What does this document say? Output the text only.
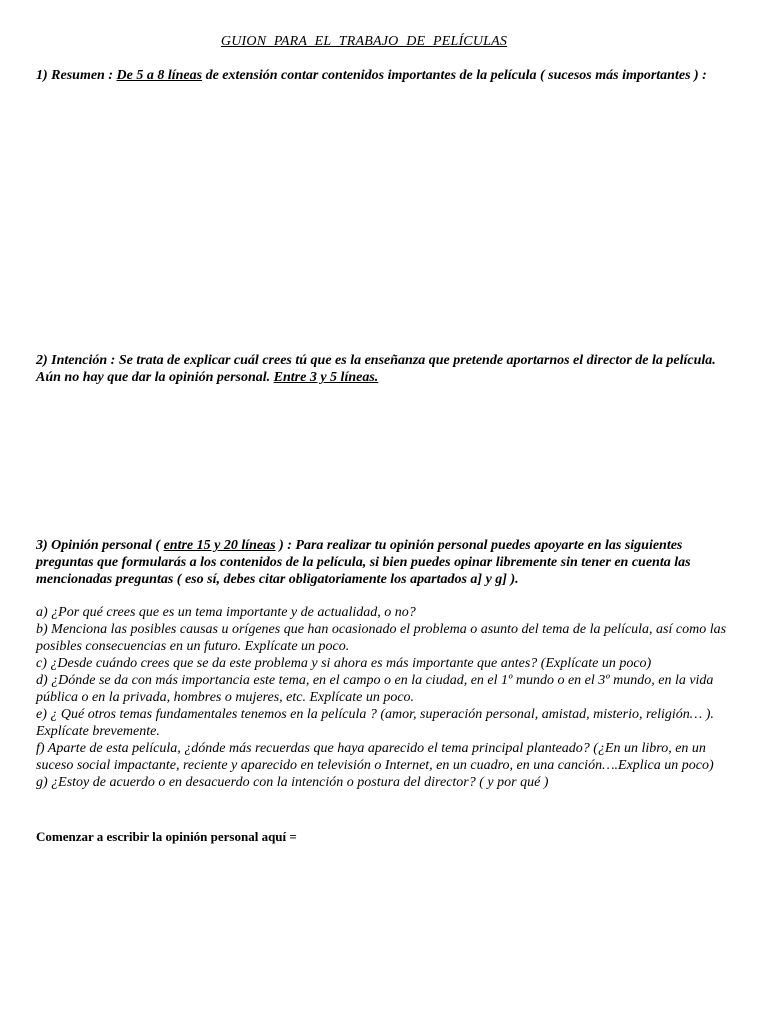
GUION PARA EL TRABAJO DE PELÍCULAS
1) Resumen : De 5 a 8 líneas de extensión contar contenidos importantes de la película ( sucesos más importantes ) :
2) Intención : Se trata de explicar cuál crees tú que es la enseñanza que pretende aportarnos el director de la película. Aún no hay que dar la opinión personal. Entre 3 y 5 líneas.
3) Opinión personal ( entre 15 y 20 líneas ) : Para realizar tu opinión personal puedes apoyarte en las siguientes preguntas que formularás a los contenidos de la película, si bien puedes opinar libremente sin tener en cuenta las mencionadas preguntas ( eso sí, debes citar obligatoriamente los apartados a] y g] ).

a) ¿Por qué crees que es un tema importante y de actualidad, o no?

b) Menciona las posibles causas u orígenes que han ocasionado el problema o asunto del tema de la película, así como las posibles consecuencias en un futuro. Explícate un poco.

c) ¿Desde cuándo crees que se da este problema y si ahora es más importante que antes? (Explícate un poco)

d) ¿Dónde se da con más importancia este tema, en el campo o en la ciudad, en el 1º mundo o en el 3º mundo, en la vida pública o en la privada, hombres o mujeres, etc. Explícate un poco.

e) ¿ Qué otros temas fundamentales tenemos en la película ? (amor, superación personal, amistad, misterio, religión… ). Explícate brevemente.

f) Aparte de esta película, ¿dónde más recuerdas que haya aparecido el tema principal planteado? (¿En un libro, en un suceso social impactante, reciente y aparecido en televisión o Internet, en un cuadro, en una canción….Explica un poco)

g) ¿Estoy de acuerdo o en desacuerdo con la intención o postura del director? ( y por qué )

Comenzar a escribir la opinión personal aquí =
